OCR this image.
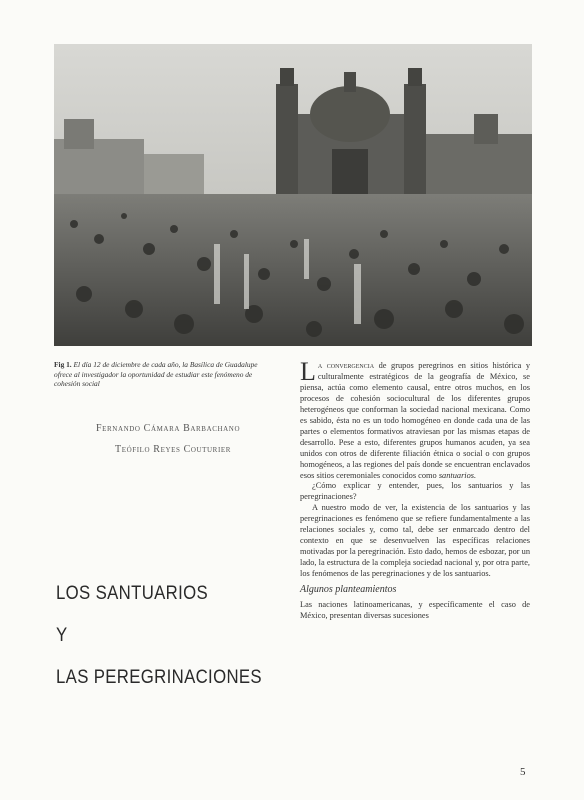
Fig 1. El día 12 de diciembre de cada año, la Basílica de Guadalupe ofrece al investigador la oportunidad de estudiar este fenómeno de cohesión social
Fernando Cámara Barbachano
Teófilo Reyes Couturier
LOS SANTUARIOS
Y
LAS PEREGRINACIONES

L a convergencia de grupos peregrinos en sitios histórica y culturalmente estratégicos de la geografía de México, se piensa, actúa como elemento causal, entre otros muchos, en los procesos de cohesión sociocultural de los diferentes grupos heterogéneos que conforman la sociedad nacional mexicana. Como es sabido, ésta no es un todo homogéneo en donde cada una de las partes o elementos formativos atraviesan por las mismas etapas de desarrollo. Pese a esto, diferentes grupos humanos acuden, ya sea unidos con otros de diferente filiación étnica o social o con grupos homogéneos, a las regiones del país donde se encuentran enclavados esos sitios ceremoniales conocidos como santuarios.

¿Cómo explicar y entender, pues, los santuarios y las peregrinaciones?

A nuestro modo de ver, la existencia de los santuarios y las peregrinaciones es fenómeno que se refiere fundamentalmente a las relaciones sociales y, como tal, debe ser enmarcado dentro del contexto en que se desenvuelven las específicas relaciones motivadas por la peregrinación. Esto dado, hemos de esbozar, por un lado, la estructura de la compleja sociedad nacional y, por otra parte, los fenómenos de las peregrinaciones y de los santuarios.

Algunos planteamientos

Las naciones latinoamericanas, y específicamente el caso de México, presentan diversas sucesiones

5
